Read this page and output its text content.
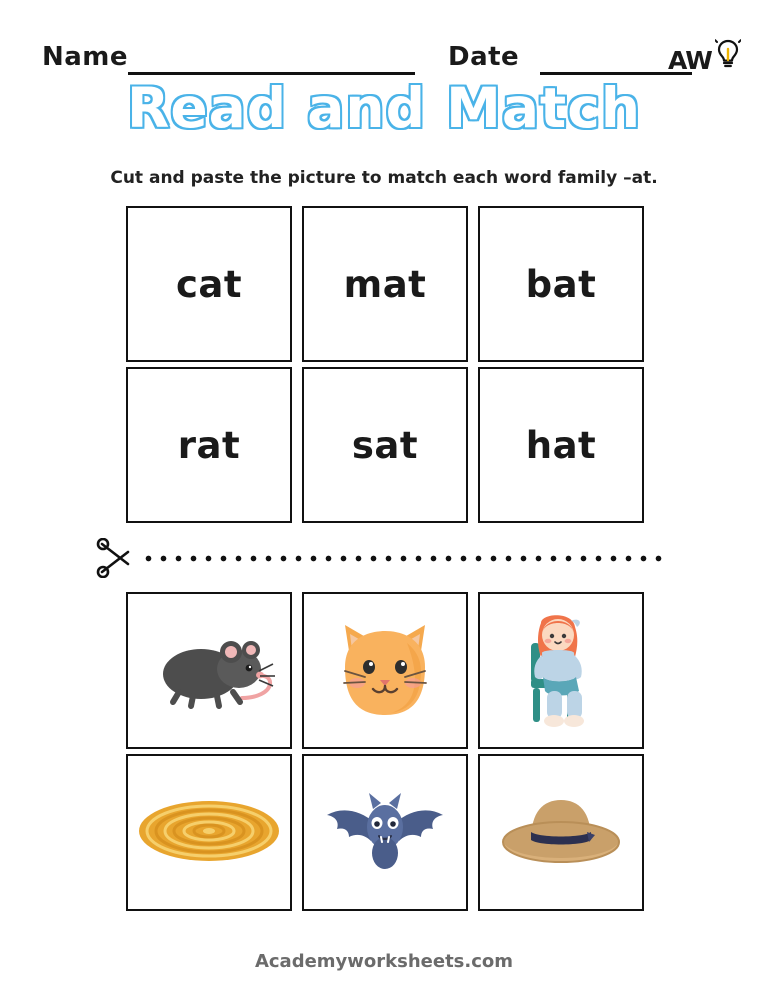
Name	Date	AW
Read and Match
Cut and paste the picture to match each word family –at.
cat	mat	bat
rat	sat	hat
Academyworksheets.com
